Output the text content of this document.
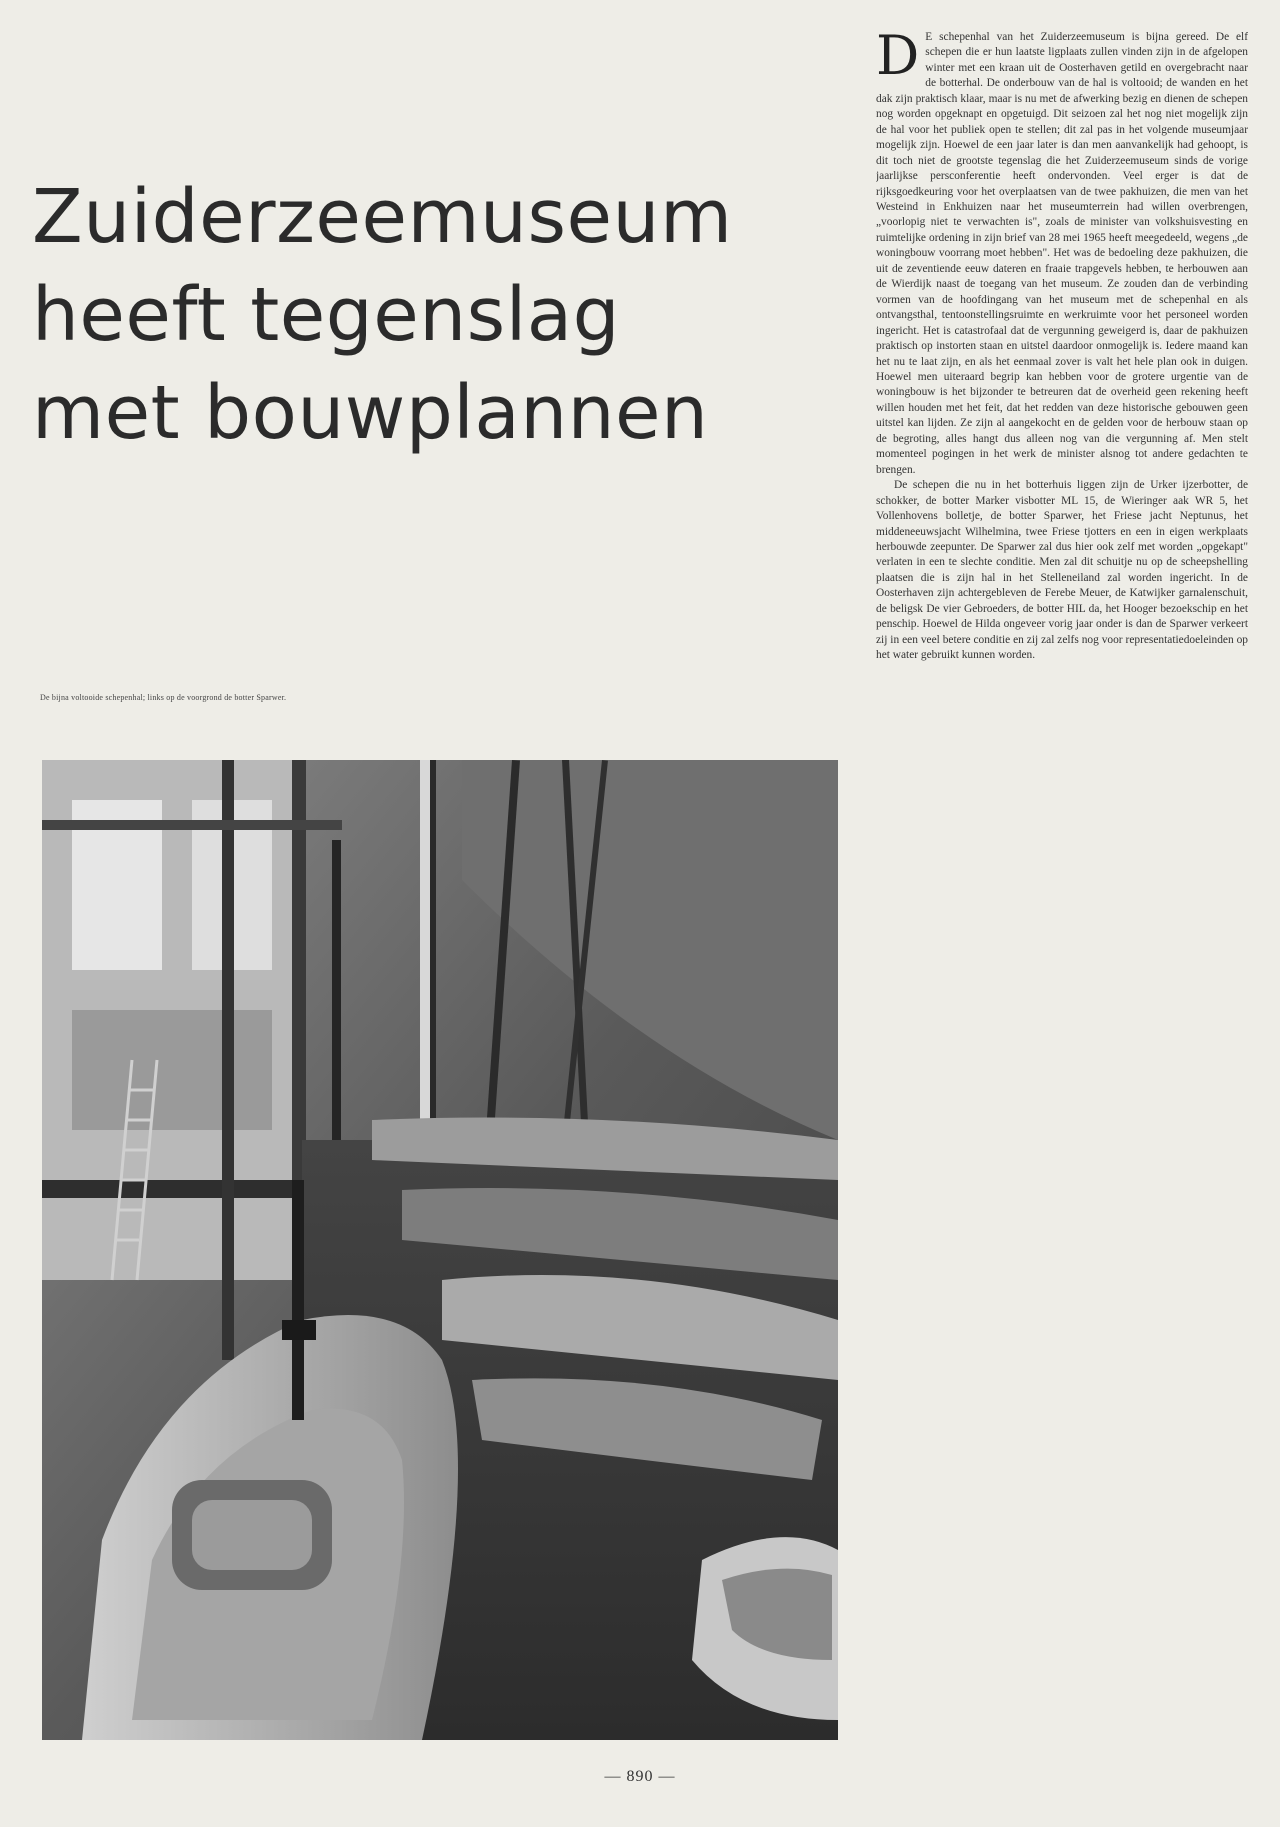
Zuiderzeemuseum
heeft tegenslag
met bouwplannen
De bijna voltooide schepenhal; links op de voorgrond de botter Sparwer.

D E schepenhal van het Zuiderzeemuseum is bijna gereed. De elf schepen die er hun laatste ligplaats zullen vinden zijn in de afgelopen winter met een kraan uit de Oosterhaven getild en overgebracht naar de botterhal. De onderbouw van de hal is voltooid; de wanden en het dak zijn praktisch klaar, maar is nu met de afwerking bezig en dienen de schepen nog worden opgeknapt en opgetuigd. Dit seizoen zal het nog niet mogelijk zijn de hal voor het publiek open te stellen; dit zal pas in het volgende museumjaar mogelijk zijn. Hoewel de een jaar later is dan men aanvankelijk had gehoopt, is dit toch niet de grootste tegenslag die het Zuiderzeemuseum sinds de vorige jaarlijkse persconferentie heeft ondervonden. Veel erger is dat de rijksgoedkeuring voor het overplaatsen van de twee pakhuizen, die men van het Westeind in Enkhuizen naar het museumterrein had willen overbrengen, „voorlopig niet te verwachten is", zoals de minister van volkshuisvesting en ruimtelijke ordening in zijn brief van 28 mei 1965 heeft meegedeeld, wegens „de woningbouw voorrang moet hebben". Het was de bedoeling deze pakhuizen, die uit de zeventiende eeuw dateren en fraaie trapgevels hebben, te herbouwen aan de Wierdijk naast de toegang van het museum. Ze zouden dan de verbinding vormen van de hoofdingang van het museum met de schepenhal en als ontvangsthal, tentoonstellingsruimte en werkruimte voor het personeel worden ingericht. Het is catastrofaal dat de vergunning geweigerd is, daar de pakhuizen praktisch op instorten staan en uitstel daardoor onmogelijk is. Iedere maand kan het nu te laat zijn, en als het eenmaal zover is valt het hele plan ook in duigen. Hoewel men uiteraard begrip kan hebben voor de grotere urgentie van de woningbouw is het bijzonder te betreuren dat de overheid geen rekening heeft willen houden met het feit, dat het redden van deze historische gebouwen geen uitstel kan lijden. Ze zijn al aangekocht en de gelden voor de herbouw staan op de begroting, alles hangt dus alleen nog van die vergunning af. Men stelt momenteel pogingen in het werk de minister alsnog tot andere gedachten te brengen.

De schepen die nu in het botterhuis liggen zijn de Urker ijzerbotter, de schokker, de botter Marker visbotter ML 15, de Wieringer aak WR 5, het Vollenhovens bolletje, de botter Sparwer, het Friese jacht Neptunus, het middeneeuwsjacht Wilhelmina, twee Friese tjotters en een in eigen werkplaats herbouwde zeepunter. De Sparwer zal dus hier ook zelf met worden „opgekapt" verlaten in een te slechte conditie. Men zal dit schuitje nu op de scheepshelling plaatsen die is zijn hal in het Stelleneiland zal worden ingericht. In de Oosterhaven zijn achtergebleven de Ferebe Meuer, de Katwijker garnalenschuit, de beligsk De vier Gebroeders, de botter HIL da, het Hooger bezoekschip en het penschip. Hoewel de Hilda ongeveer vorig jaar onder is dan de Sparwer verkeert zij in een veel betere conditie en zij zal zelfs nog voor representatiedoeleinden op het water gebruikt kunnen worden.

— 890 —
